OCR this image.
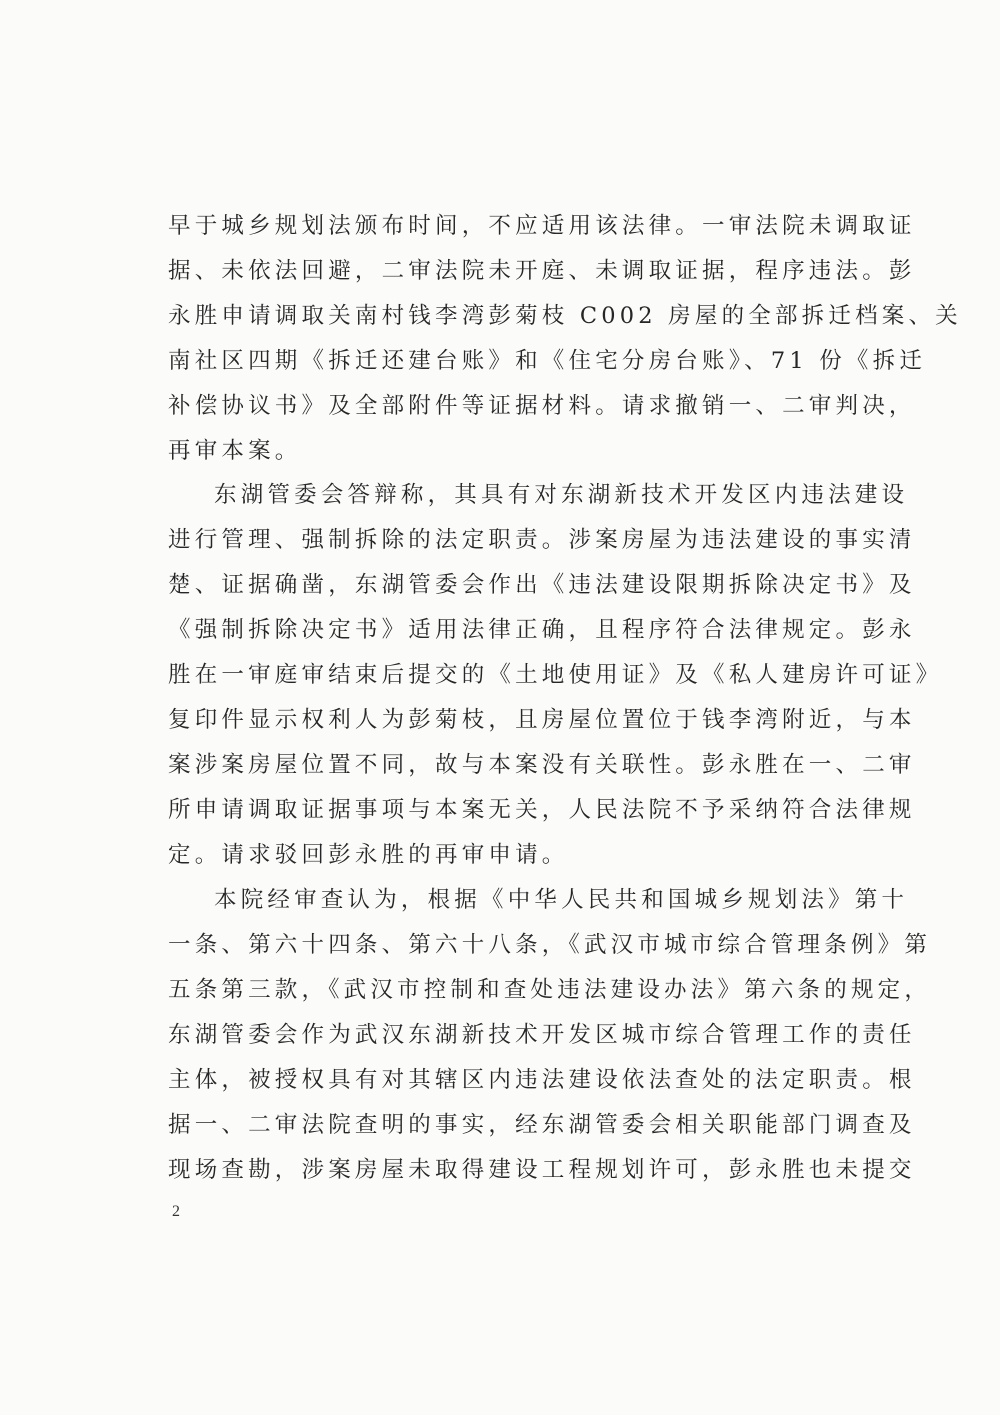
早于城乡规划法颁布时间，不应适用该法律。一审法院未调取证
据、未依法回避，二审法院未开庭、未调取证据，程序违法。彭
永胜申请调取关南村钱李湾彭菊枝 C002 房屋的全部拆迁档案、关
南社区四期《拆迁还建台账》和《住宅分房台账》、71 份《拆迁
补偿协议书》及全部附件等证据材料。请求撤销一、二审判决，
再审本案。
东湖管委会答辩称，其具有对东湖新技术开发区内违法建设
进行管理、强制拆除的法定职责。涉案房屋为违法建设的事实清
楚、证据确凿，东湖管委会作出《违法建设限期拆除决定书》及
《强制拆除决定书》适用法律正确，且程序符合法律规定。彭永
胜在一审庭审结束后提交的《土地使用证》及《私人建房许可证》
复印件显示权利人为彭菊枝，且房屋位置位于钱李湾附近，与本
案涉案房屋位置不同，故与本案没有关联性。彭永胜在一、二审
所申请调取证据事项与本案无关，人民法院不予采纳符合法律规
定。请求驳回彭永胜的再审申请。
本院经审查认为，根据《中华人民共和国城乡规划法》第十
一条、第六十四条、第六十八条，《武汉市城市综合管理条例》第
五条第三款，《武汉市控制和查处违法建设办法》第六条的规定，
东湖管委会作为武汉东湖新技术开发区城市综合管理工作的责任
主体，被授权具有对其辖区内违法建设依法查处的法定职责。根
据一、二审法院查明的事实，经东湖管委会相关职能部门调查及
现场查勘，涉案房屋未取得建设工程规划许可，彭永胜也未提交
2
